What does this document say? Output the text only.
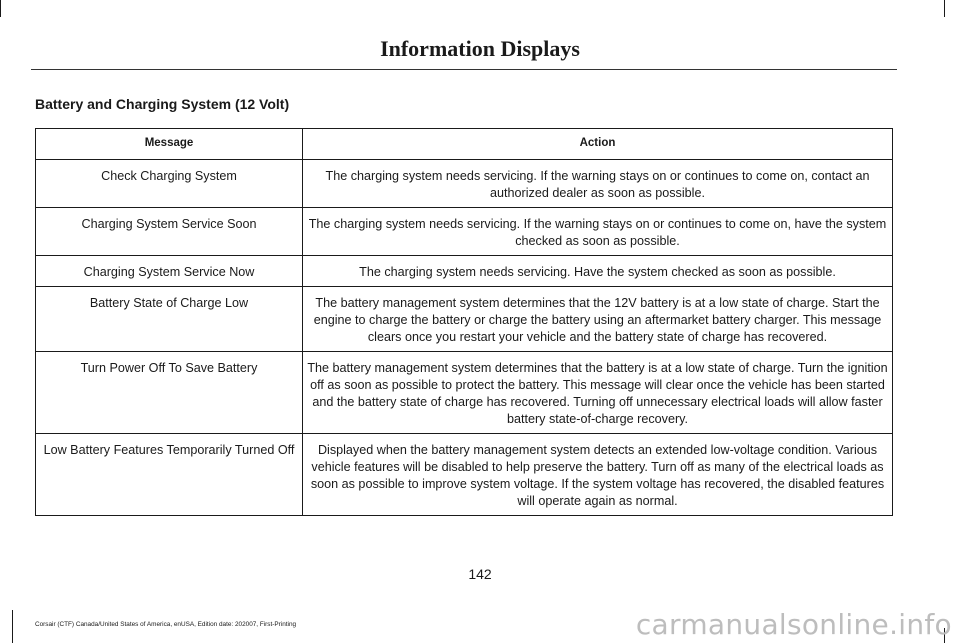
Information Displays
Battery and Charging System (12 Volt)
Message	Action
Check Charging System	The charging system needs servicing. If the warning stays on or continues to come on, contact an authorized dealer as soon as possible.
Charging System Service Soon	The charging system needs servicing. If the warning stays on or continues to come on, have the system checked as soon as possible.
Charging System Service Now	The charging system needs servicing. Have the system checked as soon as possible.
Battery State of Charge Low	The battery management system determines that the 12V battery is at a low state of charge. Start the engine to charge the battery or charge the battery using an aftermarket battery charger. This message clears once you restart your vehicle and the battery state of charge has recovered.
Turn Power Off To Save Battery	The battery management system determines that the battery is at a low state of charge. Turn the ignition off as soon as possible to protect the battery. This message will clear once the vehicle has been started and the battery state of charge has recovered. Turning off unnecessary electrical loads will allow faster battery state-of-charge recovery.
Low Battery Features Temporarily Turned Off	Displayed when the battery management system detects an extended low-voltage condition. Various vehicle features will be disabled to help preserve the battery. Turn off as many of the electrical loads as soon as possible to improve system voltage. If the system voltage has recovered, the disabled features will operate again as normal.
142
Corsair (CTF) Canada/United States of America, enUSA, Edition date: 202007, First-Printing	carmanualsonline.info
